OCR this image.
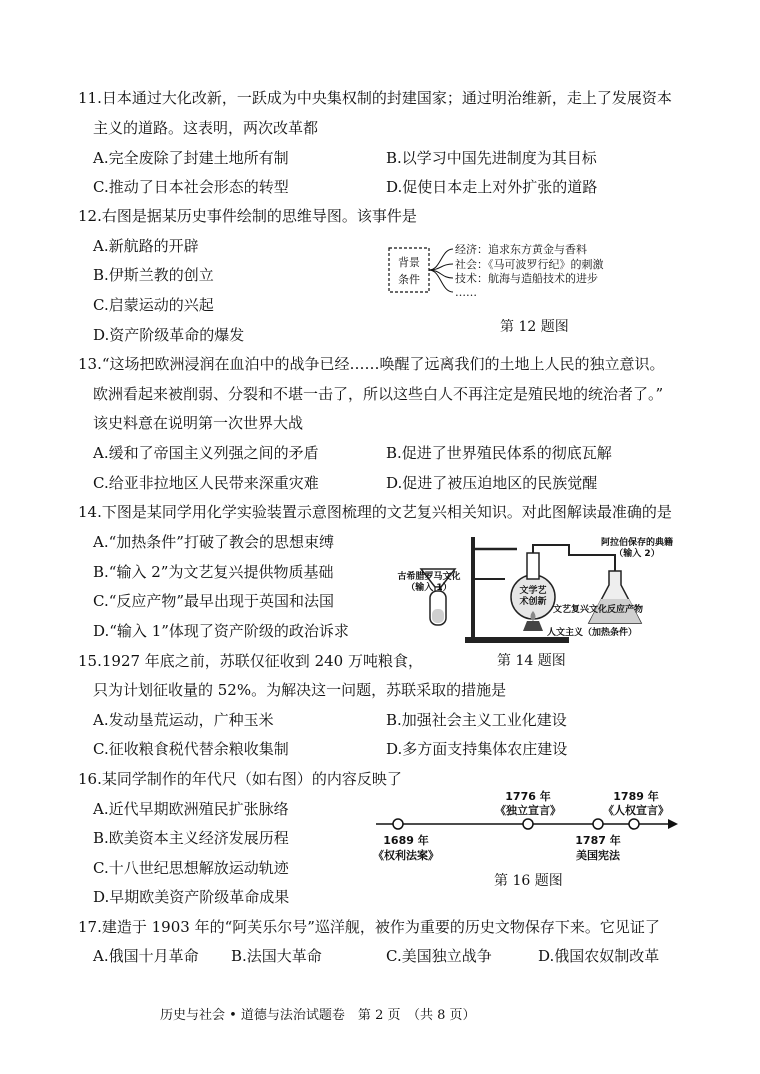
11.日本通过大化改新，一跃成为中央集权制的封建国家；通过明治维新，走上了发展资本
主义的道路。这表明，两次改革都
A.完全废除了封建土地所有制	B.以学习中国先进制度为其目标
C.推动了日本社会形态的转型	D.促使日本走上对外扩张的道路
12.右图是据某历史事件绘制的思维导图。该事件是
A.新航路的开辟
B.伊斯兰教的创立
C.启蒙运动的兴起
D.资产阶级革命的爆发
背景
条件
经济：追求东方黄金与香料
社会：《马可波罗行纪》的刺激
技术：航海与造船技术的进步
……
第 12 题图
13.“这场把欧洲浸润在血泊中的战争已经……唤醒了远离我们的土地上人民的独立意识。
欧洲看起来被削弱、分裂和不堪一击了，所以这些白人不再注定是殖民地的统治者了。”
该史料意在说明第一次世界大战
A.缓和了帝国主义列强之间的矛盾	B.促进了世界殖民体系的彻底瓦解
C.给亚非拉地区人民带来深重灾难	D.促进了被压迫地区的民族觉醒
14.下图是某同学用化学实验装置示意图梳理的文艺复兴相关知识。对此图解读最准确的是
A.“加热条件”打破了教会的思想束缚
B.“输入 2”为文艺复兴提供物质基础
C.“反应产物”最早出现于英国和法国
D.“输入 1”体现了资产阶级的政治诉求
古希腊罗马文化
（输入 1）	文学艺
术创新
阿拉伯保存的典籍
（输入 2）
文艺复兴文化反应产物
人文主义（加热条件）
第 14 题图
15.1927 年底之前，苏联仅征收到 240 万吨粮食，
只为计划征收量的 52%。为解决这一问题，苏联采取的措施是
A.发动垦荒运动，广种玉米	B.加强社会主义工业化建设
C.征收粮食税代替余粮收集制	D.多方面支持集体农庄建设
16.某同学制作的年代尺（如右图）的内容反映了
A.近代早期欧洲殖民扩张脉络
B.欧美资本主义经济发展历程
C.十八世纪思想解放运动轨迹
D.早期欧美资产阶级革命成果
1689 年
《权利法案》
1776 年
《独立宣言》
1787 年
美国宪法
1789 年
《人权宣言》
第 16 题图
17.建造于 1903 年的“阿芙乐尔号”巡洋舰，被作为重要的历史文物保存下来。它见证了
A.俄国十月革命 B.法国大革命	C.美国独立战争	D.俄国农奴制改革
历史与社会 • 道德与法治试题卷　第 2 页　（共 8 页）
